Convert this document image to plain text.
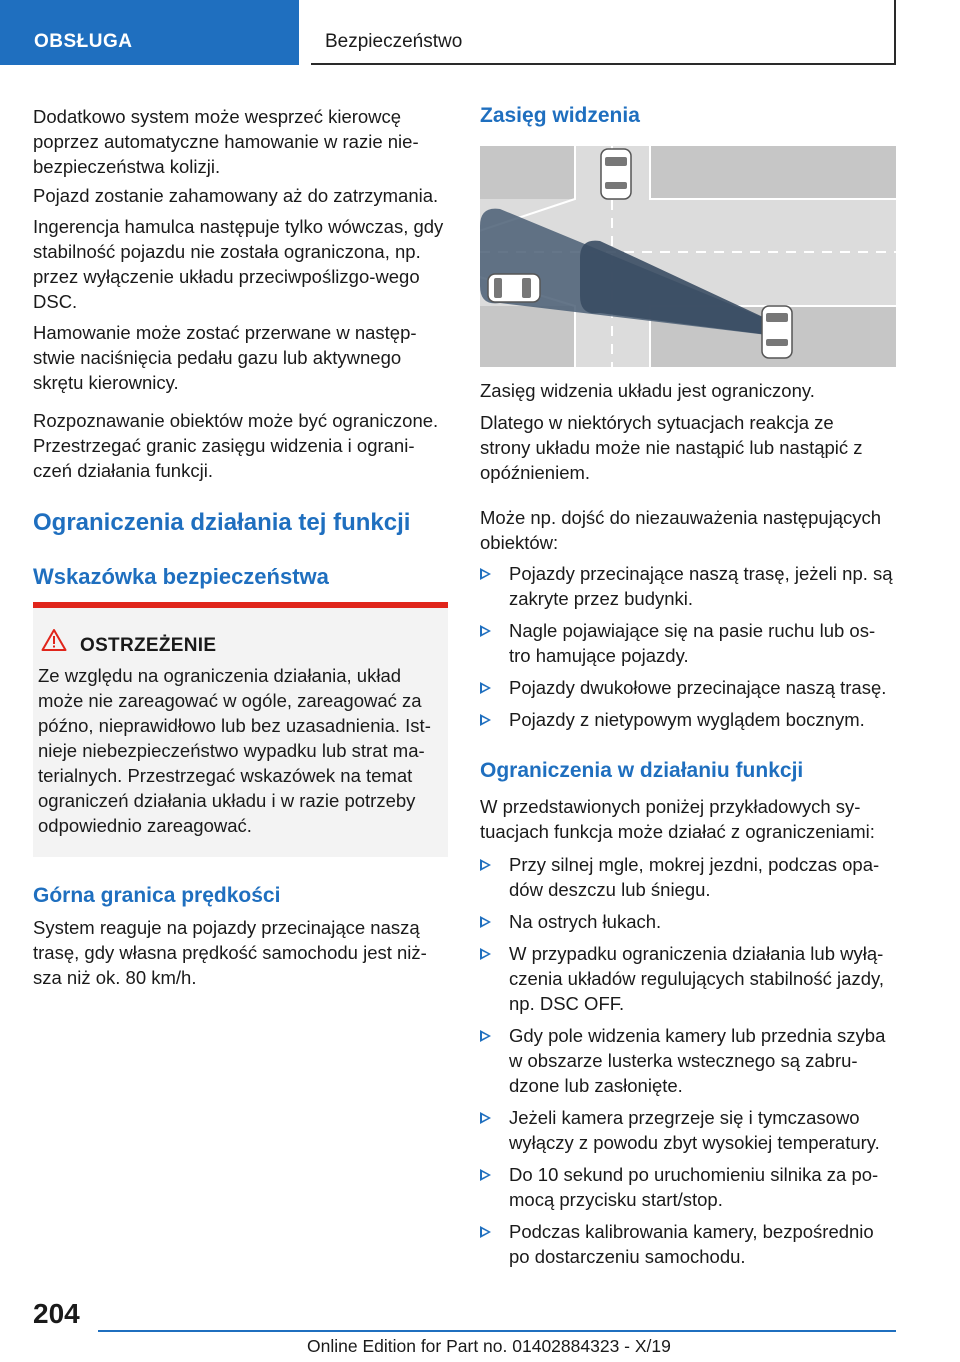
OBSŁUGA	Bezpieczeństwo

Dodatkowo system może wesprzeć kierowcę poprzez automatyczne hamowanie w razie nie-bezpieczeństwa kolizji.

Pojazd zostanie zahamowany aż do zatrzymania.

Ingerencja hamulca następuje tylko wówczas, gdy stabilność pojazdu nie została ograniczona, np. przez wyłączenie układu przeciwpoślizgo-wego DSC.

Hamowanie może zostać przerwane w następ-stwie naciśnięcia pedału gazu lub aktywnego skrętu kierownicy.

Rozpoznawanie obiektów może być ograniczone. Przestrzegać granic zasięgu widzenia i ograni-czeń działania funkcji.

Ograniczenia działania tej funkcji
Wskazówka bezpieczeństwa
Górna granica prędkości

System reaguje na pojazdy przecinające naszą trasę, gdy własna prędkość samochodu jest niż-sza niż ok. 80 km/h.

OSTRZEŻENIE

Ze względu na ograniczenia działania, układ może nie zareagować w ogóle, zareagować za późno, nieprawidłowo lub bez uzasadnienia. Ist-nieje niebezpieczeństwo wypadku lub strat ma-terialnych. Przestrzegać wskazówek na temat ograniczeń działania układu i w razie potrzeby odpowiednio zareagować.

Zasięg widzenia

Zasięg widzenia układu jest ograniczony.

Dlatego w niektórych sytuacjach reakcja ze strony układu może nie nastąpić lub nastąpić z opóźnieniem.

Może np. dojść do niezauważenia następujących obiektów:

Pojazdy przecinające naszą trasę, jeżeli np. są zakryte przez budynki.
Nagle pojawiające się na pasie ruchu lub os-tro hamujące pojazdy.
Pojazdy dwukołowe przecinające naszą trasę.
Pojazdy z nietypowym wyglądem bocznym.
Ograniczenia w działaniu funkcji

W przedstawionych poniżej przykładowych sy-tuacjach funkcja może działać z ograniczeniami:

Przy silnej mgle, mokrej jezdni, podczas opa-dów deszczu lub śniegu.
Na ostrych łukach.
W przypadku ograniczenia działania lub wyłą-czenia układów regulujących stabilność jazdy, np. DSC OFF.
Gdy pole widzenia kamery lub przednia szyba w obszarze lusterka wstecznego są zabru-dzone lub zasłonięte.
Jeżeli kamera przegrzeje się i tymczasowo wyłączy z powodu zbyt wysokiej temperatury.
Do 10 sekund po uruchomieniu silnika za po-mocą przycisku start/stop.
Podczas kalibrowania kamery, bezpośrednio po dostarczeniu samochodu.
204
Online Edition for Part no. 01402884323 - X/19
